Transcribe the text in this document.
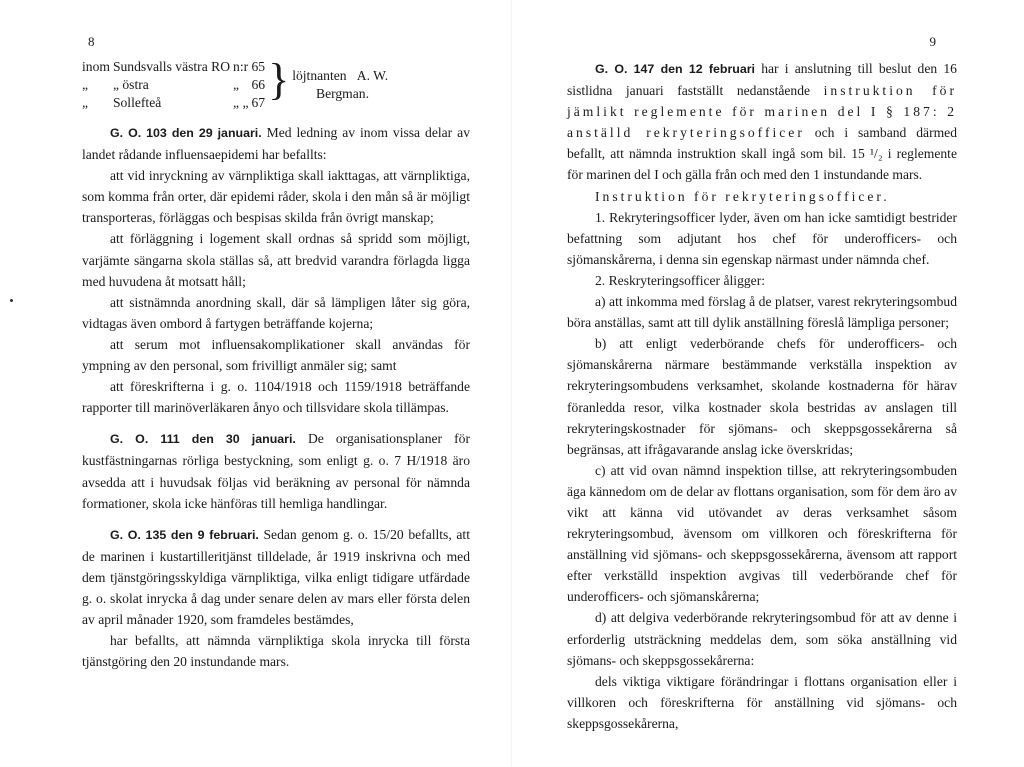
8
inom	Sundsvalls västra RO	n:r	65	}	löjtnanten A. W.
Bergman.
„	„ östra	„	66		
„	Sollefteå	„ „	67		

G. O. 103 den 29 januari. Med ledning av inom vissa delar av landet rådande influensaepidemi har befallts:

att vid inryckning av värnpliktiga skall iakttagas, att värnpliktiga, som komma från orter, där epidemi råder, skola i den mån så är möjligt transporteras, förläggas och bespisas skilda från övrigt manskap;

att förläggning i logement skall ordnas så spridd som möjligt, varjämte sängarna skola ställas så, att bredvid varandra förlagda ligga med huvudena åt motsatt håll;

att sistnämnda anordning skall, där så lämpligen låter sig göra, vidtagas även ombord å fartygen beträffande kojerna;

att serum mot influensakomplikationer skall användas för ympning av den personal, som frivilligt anmäler sig; samt

att föreskrifterna i g. o. 1104/1918 och 1159/1918 beträffande rapporter till marinöverläkaren ånyo och tillsvidare skola tillämpas.

G. O. 111 den 30 januari. De organisationsplaner för kustfästningarnas rörliga bestyckning, som enligt g. o. 7 H/1918 äro avsedda att i huvudsak följas vid beräkning av personal för nämnda formationer, skola icke hänföras till hemliga handlingar.

G. O. 135 den 9 februari. Sedan genom g. o. 15/20 befallts, att de marinen i kustartilleritjänst tilldelade, år 1919 inskrivna och med dem tjänstgöringsskyldiga värnpliktiga, vilka enligt tidigare utfärdade g. o. skolat inrycka å dag under senare delen av mars eller första delen av april månader 1920, som framdeles bestämdes,

har befallts, att nämnda värnpliktiga skola inrycka till första tjänstgöring den 20 instundande mars.

9

G. O. 147 den 12 februari har i anslutning till beslut den 16 sistlidna januari fastställt nedanstående instruktion för jämlikt reglemente för marinen del I § 187: 2 anställd rekryteringsofficer och i samband därmed befallt, att nämnda instruktion skall ingå som bil. 15 ¹/₂ i reglemente för marinen del I och gälla från och med den 1 instundande mars.

Instruktion för rekryteringsofficer.

1. Rekryteringsofficer lyder, även om han icke samtidigt bestrider befattning som adjutant hos chef för underofficers- och sjömanskårerna, i denna sin egenskap närmast under nämnda chef.

2. Reskryteringsofficer åligger:

a) att inkomma med förslag å de platser, varest rekryteringsombud böra anställas, samt att till dylik anställning föreslå lämpliga personer;

b) att enligt vederbörande chefs för underofficers- och sjömanskårerna närmare bestämmande verkställa inspektion av rekryteringsombudens verksamhet, skolande kostnaderna för härav föranledda resor, vilka kostnader skola bestridas av anslagen till rekryteringskostnader för sjömans- och skeppsgossekårerna så begränsas, att ifrågavarande anslag icke överskridas;

c) att vid ovan nämnd inspektion tillse, att rekryteringsombuden äga kännedom om de delar av flottans organisation, som för dem äro av vikt att känna vid utövandet av deras verksamhet såsom rekryteringsombud, ävensom om villkoren och föreskrifterna för anställning vid sjömans- och skeppsgossekårerna, ävensom att rapport efter verkställd inspektion avgivas till vederbörande chef för underofficers- och sjömanskårerna;

d) att delgiva vederbörande rekryteringsombud för att av denne i erforderlig utsträckning meddelas dem, som söka anställning vid sjömans- och skeppsgossekårerna:

dels viktiga viktigare förändringar i flottans organisation eller i villkoren och föreskrifterna för anställning vid sjömans- och skeppsgossekårerna,
